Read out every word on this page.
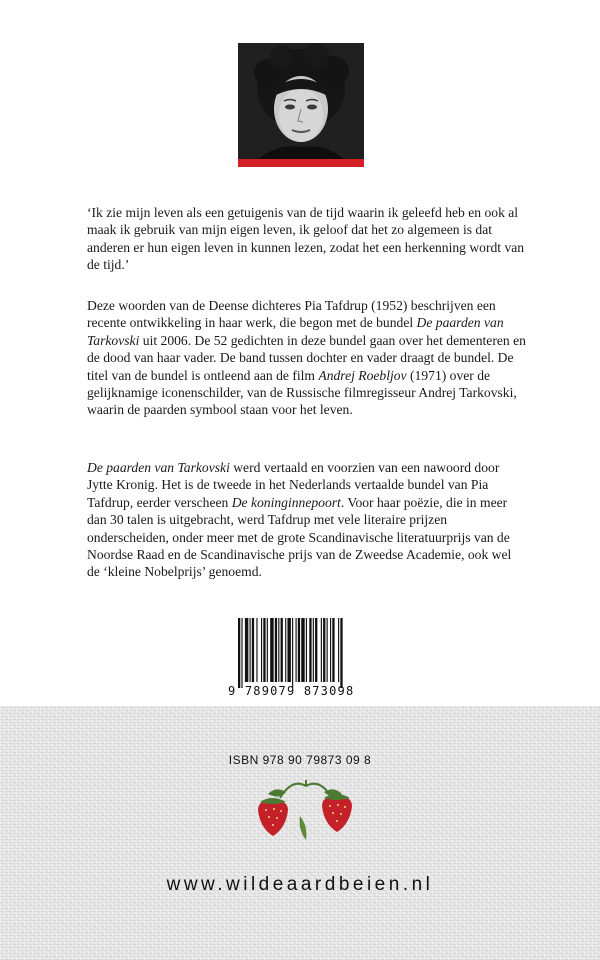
‘Ik zie mijn leven als een getuigenis van de tijd waarin ik geleefd heb en ook al maak ik gebruik van mijn eigen leven, ik geloof dat het zo algemeen is dat anderen er hun eigen leven in kunnen lezen, zodat het een herkenning wordt van de tijd.’

Deze woorden van de Deense dichteres Pia Tafdrup (1952) beschrijven een recente ontwikkeling in haar werk, die begon met de bundel De paarden van Tarkovski uit 2006. De 52 gedichten in deze bundel gaan over het dementeren en de dood van haar vader. De band tussen dochter en vader draagt de bundel. De titel van de bundel is ontleend aan de film Andrej Roebljov (1971) over de gelijknamige iconenschilder, van de Russische filmregisseur Andrej Tarkovski, waarin de paarden symbool staan voor het leven.

De paarden van Tarkovski werd vertaald en voorzien van een nawoord door Jytte Kronig. Het is de tweede in het Nederlands vertaalde bundel van Pia Tafdrup, eerder verscheen De koninginnepoort. Voor haar poëzie, die in meer dan 30 talen is uitgebracht, werd Tafdrup met vele literaire prijzen onderscheiden, onder meer met de grote Scandinavische literatuurprijs van de Noordse Raad en de Scandinavische prijs van de Zweedse Academie, ook wel de ‘kleine Nobelprijs’ genoemd.

9 789079 873098
ISBN 978 90 79873 09 8
www.wildeaardbeien.nl
